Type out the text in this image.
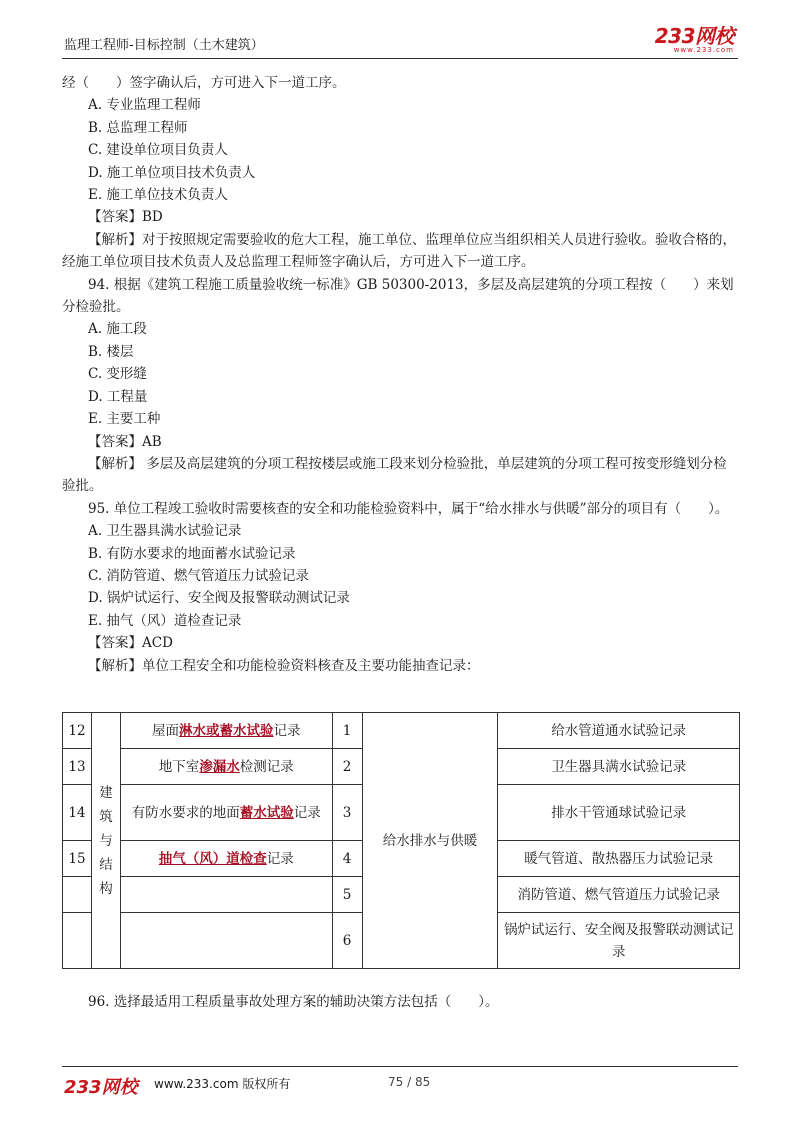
监理工程师-目标控制（土木建筑）	233网校
www.233.com
经（　　）签字确认后，方可进入下一道工序。
A. 专业监理工程师
B. 总监理工程师
C. 建设单位项目负责人
D. 施工单位项目技术负责人
E. 施工单位技术负责人
【答案】BD
【解析】对于按照规定需要验收的危大工程，施工单位、监理单位应当组织相关人员进行验收。验收合格的，经施工单位项目技术负责人及总监理工程师签字确认后，方可进入下一道工序。
94. 根据《建筑工程施工质量验收统一标准》GB 50300-2013，多层及高层建筑的分项工程按（　　）来划分检验批。
A. 施工段
B. 楼层
C. 变形缝
D. 工程量
E. 主要工种
【答案】AB
【解析】 多层及高层建筑的分项工程按楼层或施工段来划分检验批，单层建筑的分项工程可按变形缝划分检验批。
95. 单位工程竣工验收时需要核查的安全和功能检验资料中，属于“给水排水与供暖”部分的项目有（　　）。
A. 卫生器具满水试验记录
B. 有防水要求的地面蓄水试验记录
C. 消防管道、燃气管道压力试验记录
D. 锅炉试运行、安全阀及报警联动测试记录
E. 抽气（风）道检查记录
【答案】ACD
【解析】单位工程安全和功能检验资料核查及主要功能抽查记录：
12	建筑与结构	屋面淋水或蓄水试验记录	1	给水排水与供暖	给水管道通水试验记录
13		地下室渗漏水检测记录	2		卫生器具满水试验记录
14		有防水要求的地面蓄水试验记录	3		排水干管通球试验记录
15		抽气（风）道检查记录	4		暖气管道、散热器压力试验记录
			5		消防管道、燃气管道压力试验记录
			6		锅炉试运行、安全阀及报警联动测试记录
96. 选择最适用工程质量事故处理方案的辅助决策方法包括（　　）。
233网校 www.233.com 版权所有	75 / 85
